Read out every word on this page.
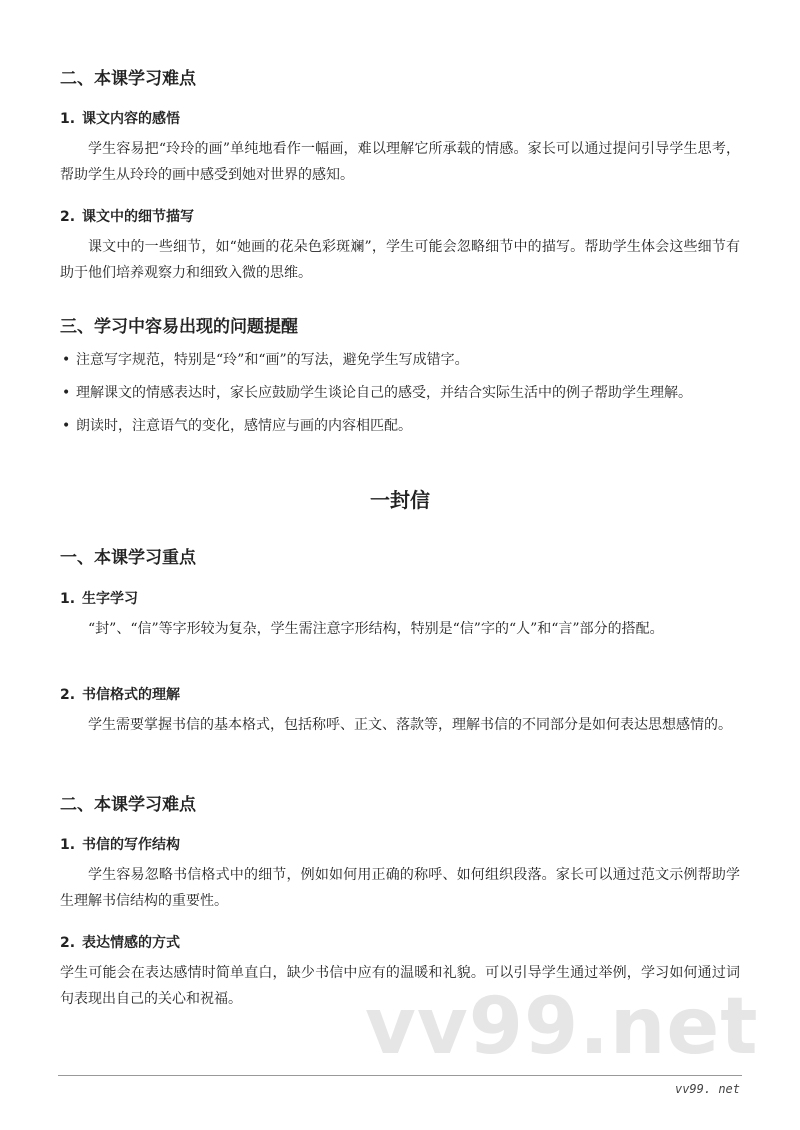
二、本课学习难点
1. 课文内容的感悟

学生容易把“玲玲的画”单纯地看作一幅画，难以理解它所承载的情感。家长可以通过提问引导学生思考，帮助学生从玲玲的画中感受到她对世界的感知。

2. 课文中的细节描写

课文中的一些细节，如“她画的花朵色彩斑斓”，学生可能会忽略细节中的描写。帮助学生体会这些细节有助于他们培养观察力和细致入微的思维。

三、学习中容易出现的问题提醒
• 注意写字规范，特别是“玲”和“画”的写法，避免学生写成错字。
• 理解课文的情感表达时，家长应鼓励学生谈论自己的感受，并结合实际生活中的例子帮助学生理解。
• 朗读时，注意语气的变化，感情应与画的内容相匹配。
一封信
一、本课学习重点
1. 生字学习

“封”、“信”等字形较为复杂，学生需注意字形结构，特别是“信”字的“人”和“言”部分的搭配。

2. 书信格式的理解

学生需要掌握书信的基本格式，包括称呼、正文、落款等，理解书信的不同部分是如何表达思想感情的。

二、本课学习难点
1. 书信的写作结构

学生容易忽略书信格式中的细节，例如如何用正确的称呼、如何组织段落。家长可以通过范文示例帮助学生理解书信结构的重要性。

2. 表达情感的方式

学生可能会在表达感情时简单直白，缺少书信中应有的温暖和礼貌。可以引导学生通过举例，学习如何通过词句表现出自己的关心和祝福。	vv99.net
vv99. net
